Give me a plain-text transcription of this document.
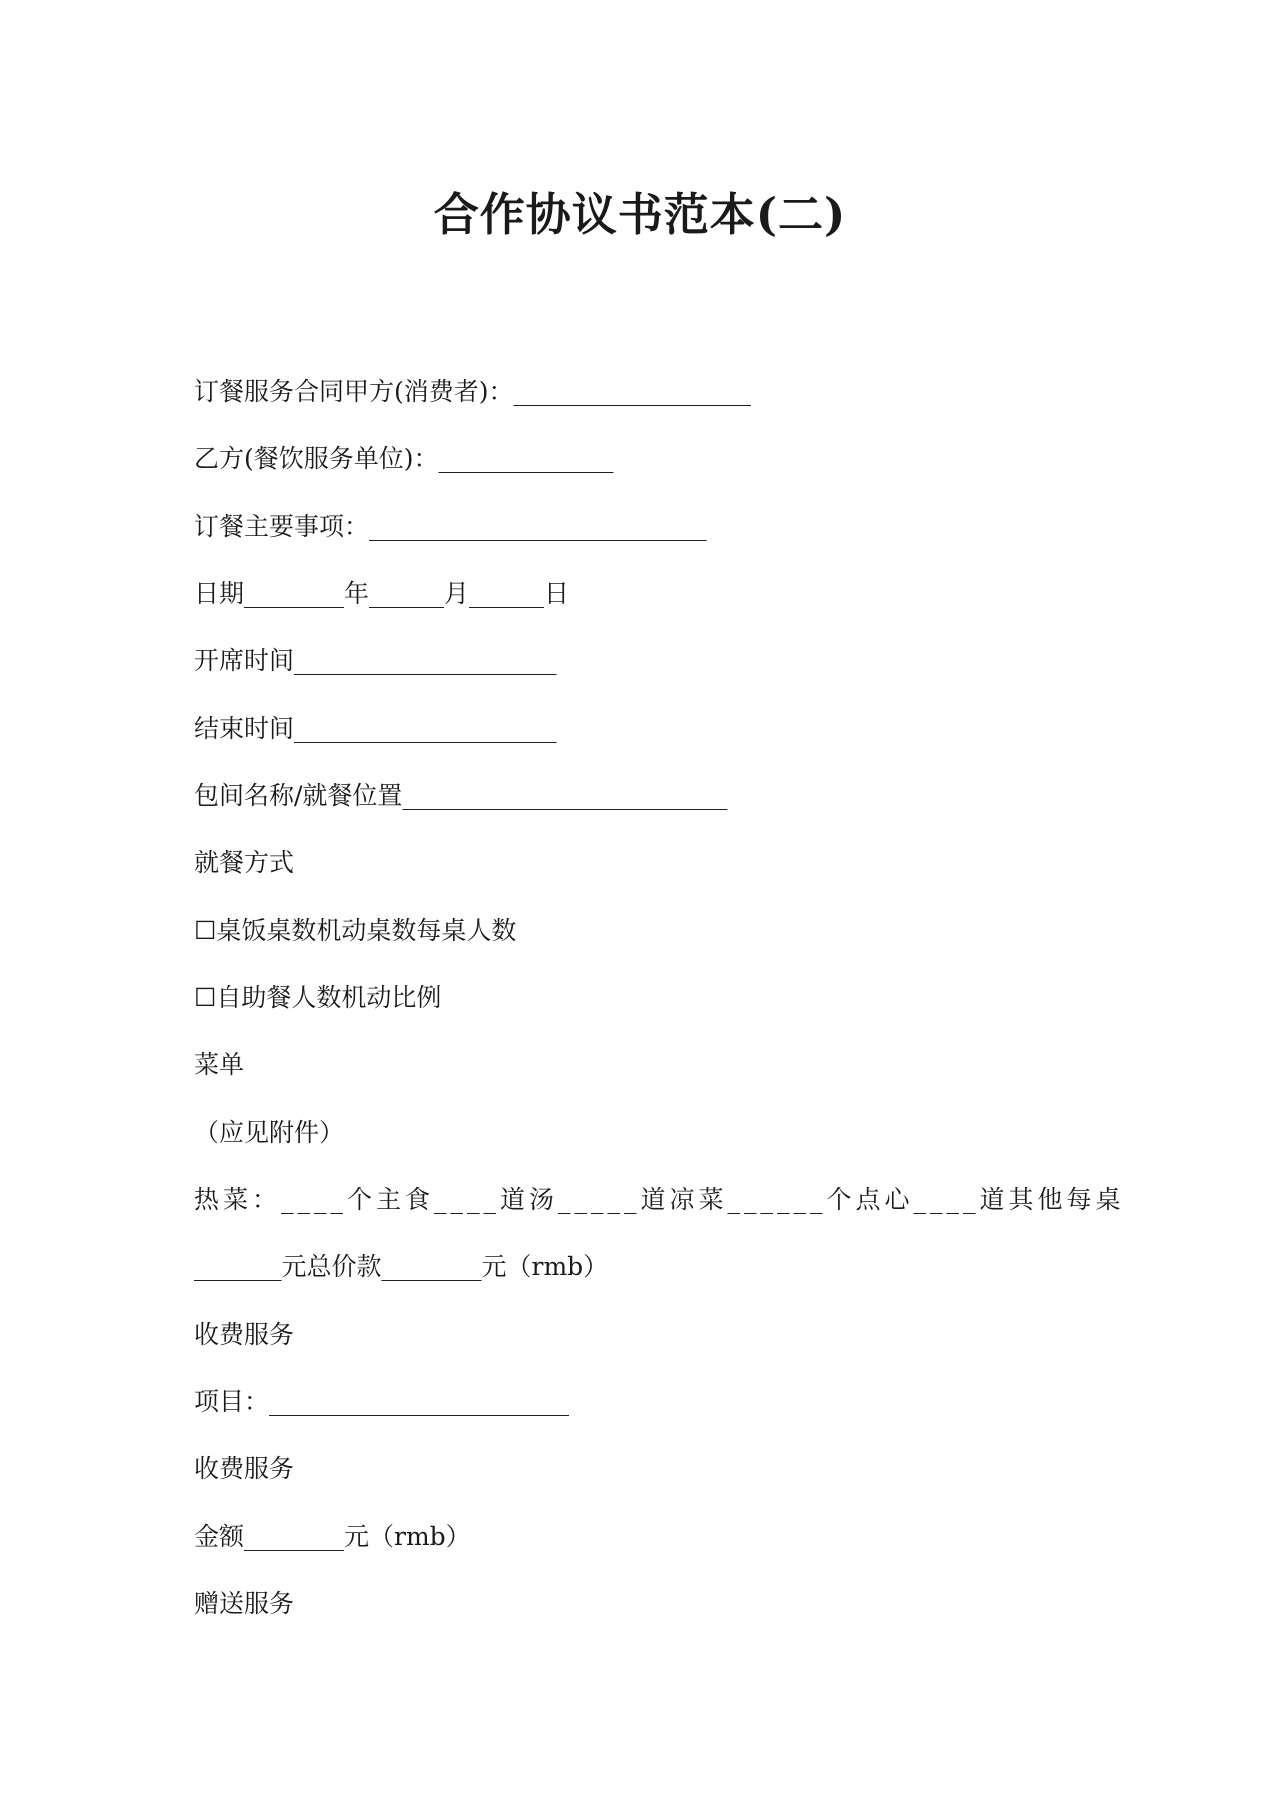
合作协议书范本(二)
订餐服务合同甲方(消费者)：___________________
乙方(餐饮服务单位)：______________
订餐主要事项：___________________________
日期________年______月______日
开席时间_____________________
结束时间_____________________
包间名称/就餐位置__________________________
就餐方式
☐桌饭桌数机动桌数每桌人数
☐自助餐人数机动比例
菜单
（应见附件）
热菜：____个主食____道汤_____道凉菜______个点心____道其他每桌
_______元总价款________元（rmb）
收费服务
项目：________________________
收费服务
金额________元（rmb）
赠送服务
